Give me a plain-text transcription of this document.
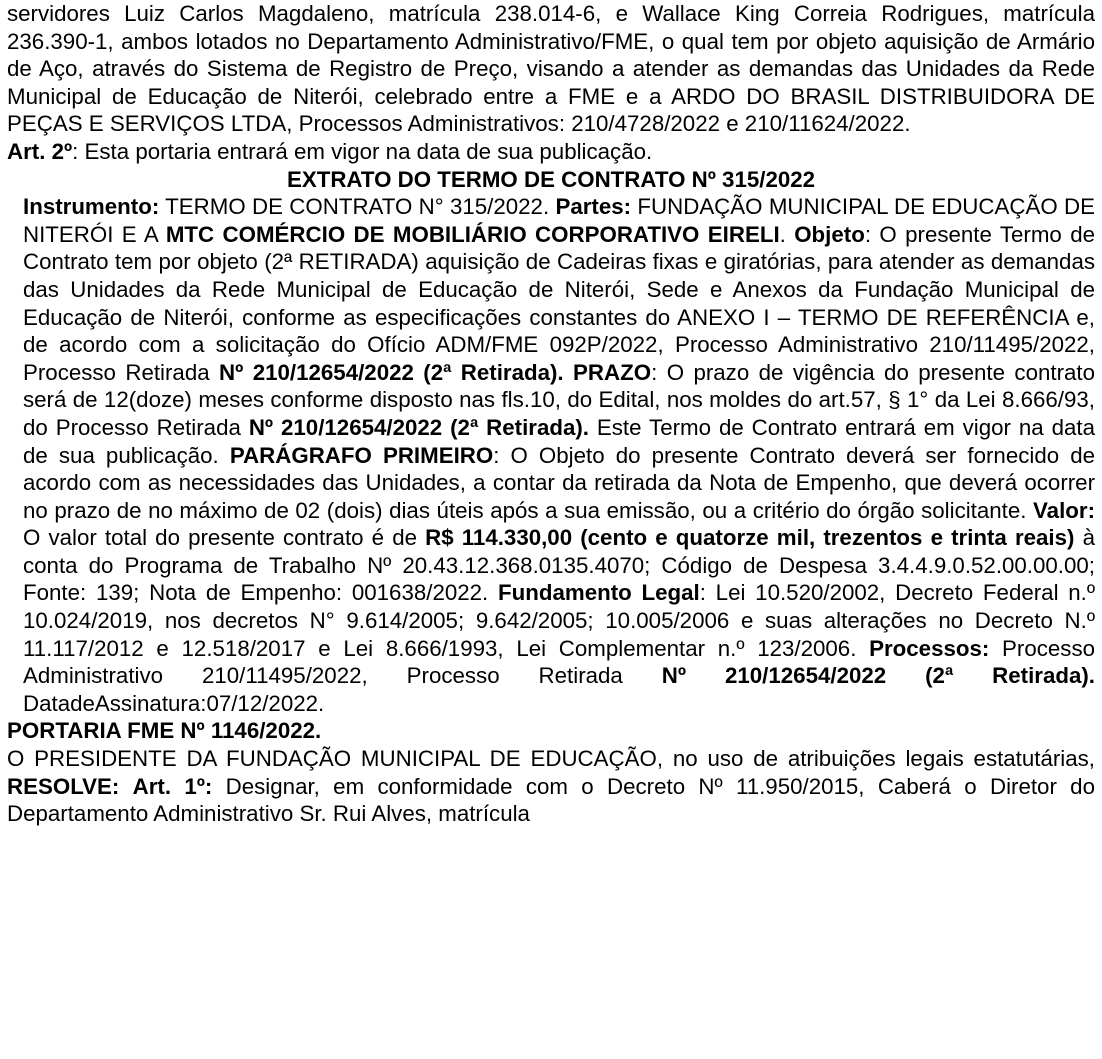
servidores Luiz Carlos Magdaleno, matrícula 238.014-6, e Wallace King Correia Rodrigues, matrícula 236.390-1, ambos lotados no Departamento Administrativo/FME, o qual tem por objeto aquisição de Armário de Aço, através do Sistema de Registro de Preço, visando a atender as demandas das Unidades da Rede Municipal de Educação de Niterói, celebrado entre a FME e a ARDO DO BRASIL DISTRIBUIDORA DE PEÇAS E SERVIÇOS LTDA, Processos Administrativos: 210/4728/2022 e 210/11624/2022.

Art. 2º: Esta portaria entrará em vigor na data de sua publicação.

EXTRATO DO TERMO DE CONTRATO Nº 315/2022

Instrumento: TERMO DE CONTRATO N° 315/2022. Partes: FUNDAÇÃO MUNICIPAL DE EDUCAÇÃO DE NITERÓI E A MTC COMÉRCIO DE MOBILIÁRIO CORPORATIVO EIRELI. Objeto: O presente Termo de Contrato tem por objeto (2ª RETIRADA) aquisição de Cadeiras fixas e giratórias, para atender as demandas das Unidades da Rede Municipal de Educação de Niterói, Sede e Anexos da Fundação Municipal de Educação de Niterói, conforme as especificações constantes do ANEXO I – TERMO DE REFERÊNCIA e, de acordo com a solicitação do Ofício ADM/FME 092P/2022, Processo Administrativo 210/11495/2022, Processo Retirada Nº 210/12654/2022 (2ª Retirada). PRAZO: O prazo de vigência do presente contrato será de 12(doze) meses conforme disposto nas fls.10, do Edital, nos moldes do art.57, § 1° da Lei 8.666/93, do Processo Retirada Nº 210/12654/2022 (2ª Retirada). Este Termo de Contrato entrará em vigor na data de sua publicação. PARÁGRAFO PRIMEIRO: O Objeto do presente Contrato deverá ser fornecido de acordo com as necessidades das Unidades, a contar da retirada da Nota de Empenho, que deverá ocorrer no prazo de no máximo de 02 (dois) dias úteis após a sua emissão, ou a critério do órgão solicitante. Valor: O valor total do presente contrato é de R$ 114.330,00 (cento e quatorze mil, trezentos e trinta reais) à conta do Programa de Trabalho Nº 20.43.12.368.0135.4070; Código de Despesa 3.4.4.9.0.52.00.00.00; Fonte: 139; Nota de Empenho: 001638/2022. Fundamento Legal: Lei 10.520/2002, Decreto Federal n.º 10.024/2019, nos decretos N° 9.614/2005; 9.642/2005; 10.005/2006 e suas alterações no Decreto N.º 11.117/2012 e 12.518/2017 e Lei 8.666/1993, Lei Complementar n.º 123/2006. Processos: Processo Administrativo 210/11495/2022, Processo Retirada Nº 210/12654/2022 (2ª Retirada). DatadeAssinatura:07/12/2022.

PORTARIA FME Nº 1146/2022.

O PRESIDENTE DA FUNDAÇÃO MUNICIPAL DE EDUCAÇÃO, no uso de atribuições legais estatutárias, RESOLVE: Art. 1º: Designar, em conformidade com o Decreto Nº 11.950/2015, Caberá o Diretor do Departamento Administrativo Sr. Rui Alves, matrícula
